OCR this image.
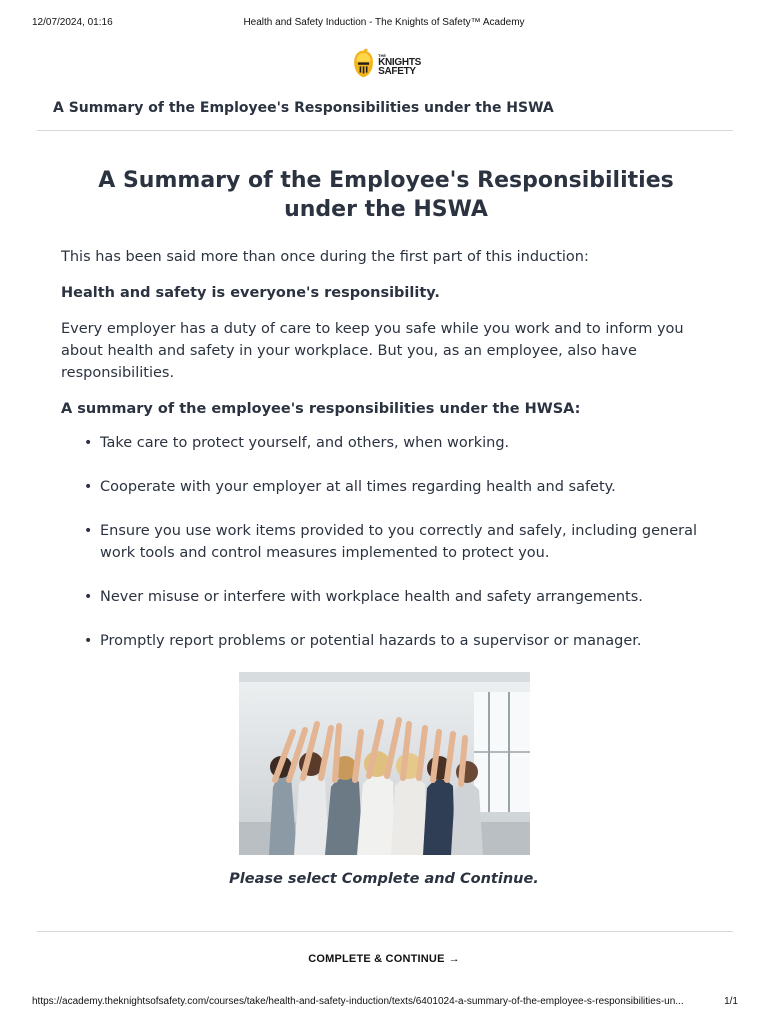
12/07/2024, 01:16	Health and Safety Induction - The Knights of Safety™ Academy
THE
KNIGHTS
SAFETY
A Summary of the Employee's Responsibilities under the HSWA
A Summary of the Employee's Responsibilities under the HSWA

This has been said more than once during the first part of this induction:

Health and safety is everyone's responsibility.

Every employer has a duty of care to keep you safe while you work and to inform you about health and safety in your workplace. But you, as an employee, also have responsibilities.

A summary of the employee's responsibilities under the HWSA:

• Take care to protect yourself, and others, when working.
• Cooperate with your employer at all times regarding health and safety.
• Ensure you use work items provided to you correctly and safely, including general work tools and control measures implemented to protect you.
• Never misuse or interfere with workplace health and safety arrangements.
• Promptly report problems or potential hazards to a supervisor or manager.
Please select Complete and Continue.
COMPLETE & CONTINUE →
https://academy.theknightsofsafety.com/courses/take/health-and-safety-induction/texts/6401024-a-summary-of-the-employee-s-responsibilities-un...	1/1
